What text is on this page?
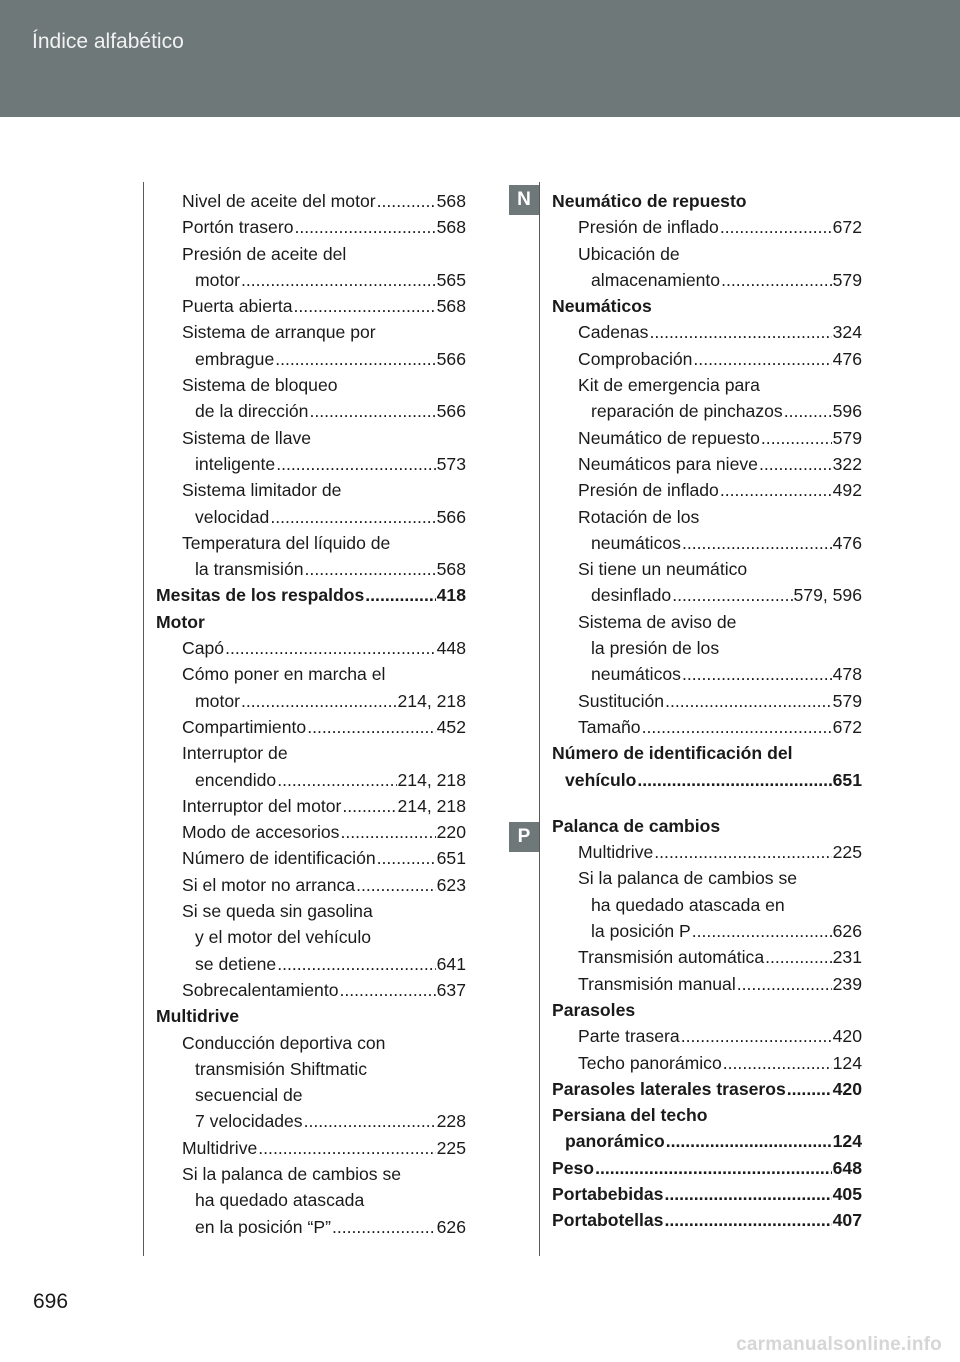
Índice alfabético
Nivel de aceite del motor .....	568
Portón trasero .....	568
Presión de aceite del
motor .....	565
Puerta abierta .....	568
Sistema de arranque por
embrague .....	566
Sistema de bloqueo
de la dirección .....	566
Sistema de llave
inteligente .....	573
Sistema limitador de
velocidad .....	566
Temperatura del líquido de
la transmisión .....	568
Mesitas de los respaldos .....	418
Motor
Capó .....	448
Cómo poner en marcha el
motor .....	214, 218
Compartimiento .....	452
Interruptor de
encendido .....	214, 218
Interruptor del motor .....	214, 218
Modo de accesorios .....	220
Número de identificación .....	651
Si el motor no arranca .....	623
Si se queda sin gasolina
y el motor del vehículo
se detiene .....	641
Sobrecalentamiento .....	637
Multidrive
Conducción deportiva con
transmisión Shiftmatic
secuencial de
7 velocidades .....	228
Multidrive .....	225
Si la palanca de cambios se
ha quedado atascada
en la posición “P” .....	626
Neumático de repuesto
Presión de inflado .....	672
Ubicación de
almacenamiento .....	579
Neumáticos
Cadenas .....	324
Comprobación .....	476
Kit de emergencia para
reparación de pinchazos .....	596
Neumático de repuesto .....	579
Neumáticos para nieve .....	322
Presión de inflado .....	492
Rotación de los
neumáticos .....	476
Si tiene un neumático
desinflado .....	579, 596
Sistema de aviso de
la presión de los
neumáticos .....	478
Sustitución .....	579
Tamaño .....	672
Número de identificación del
vehículo .....	651
Palanca de cambios
Multidrive .....	225
Si la palanca de cambios se
ha quedado atascada en
la posición P .....	626
Transmisión automática .....	231
Transmisión manual .....	239
Parasoles
Parte trasera .....	420
Techo panorámico .....	124
Parasoles laterales traseros .....	420
Persiana del techo
panorámico .....	124
Peso .....	648
Portabebidas .....	405
Portabotellas .....	407
N
P
696
carmanualsonline.info
